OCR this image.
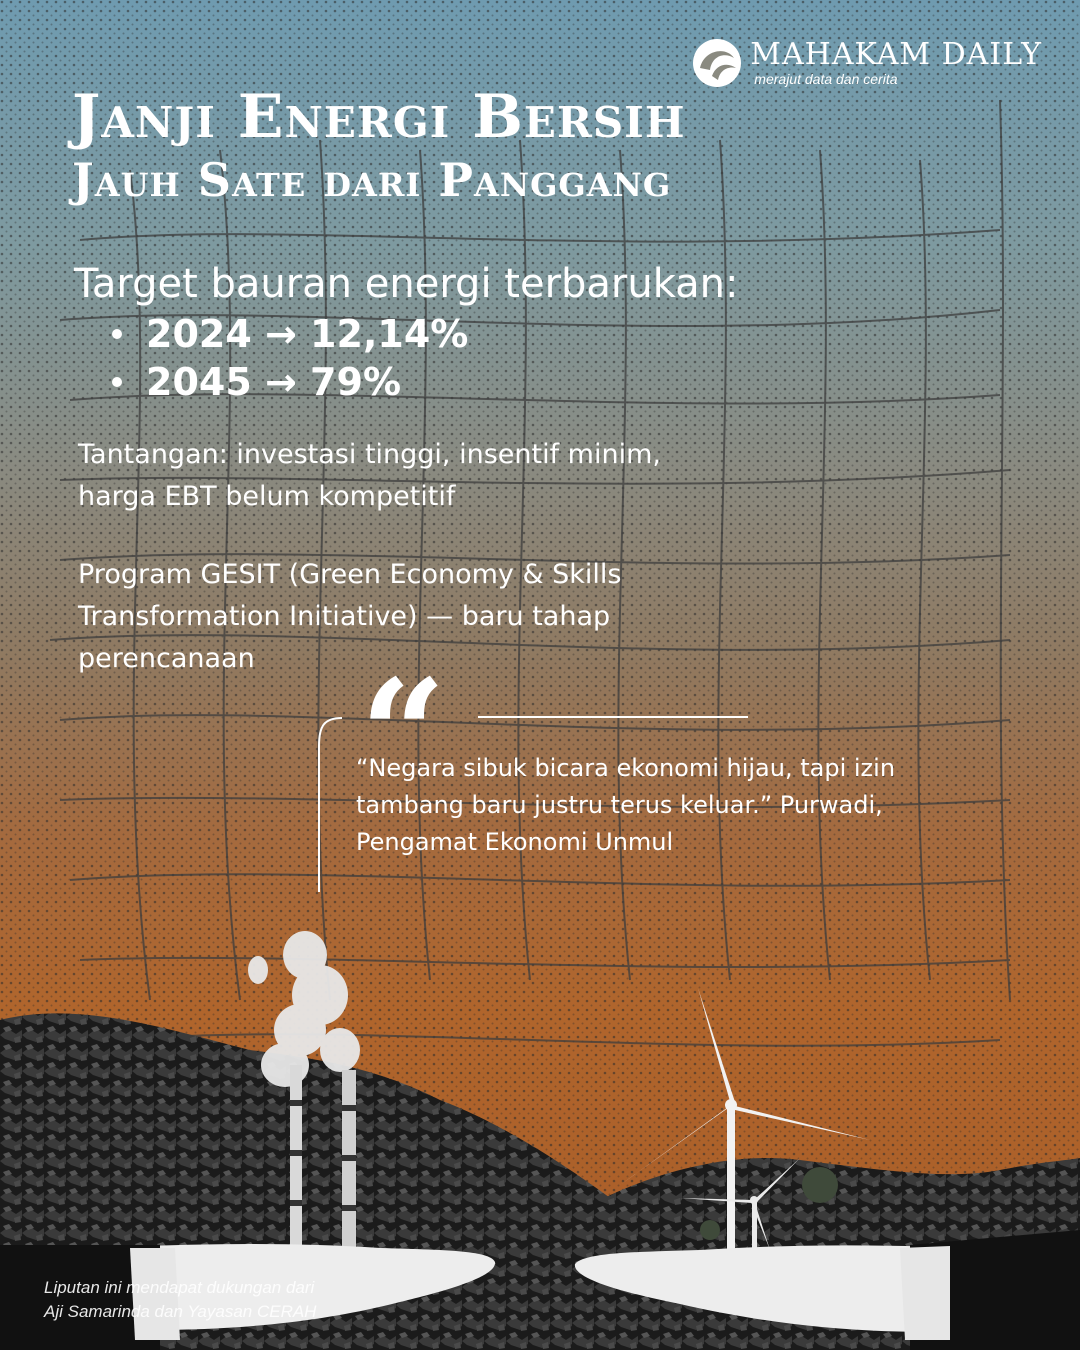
MAHAKAM DAILY
merajut data dan cerita
Janji Energi Bersih
Jauh Sate dari Panggang

Target bauran energi terbarukan:

2024 → 12,14%
2045 → 79%

Tantangan: investasi tinggi, insentif minim,
harga EBT belum kompetitif

Program GESIT (Green Economy & Skills
Transformation Initiative) — baru tahap
perencanaan “

“Negara sibuk bicara ekonomi hijau, tapi izin
tambang baru justru terus keluar.” Purwadi,
Pengamat Ekonomi Unmul

Liputan ini mendapat dukungan dari
Aji Samarinda dan Yayasan CERAH
